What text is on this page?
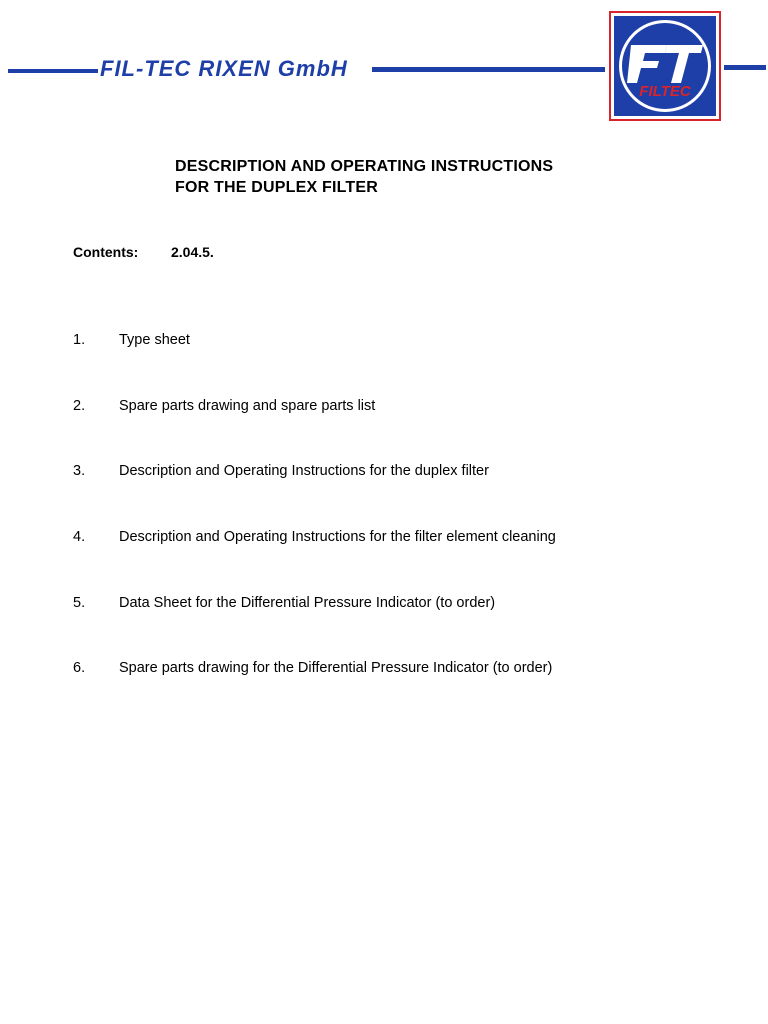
FIL-TEC RIXEN GmbH
FILTEC
DESCRIPTION AND OPERATING INSTRUCTIONS
FOR THE DUPLEX FILTER
Contents: 2.04.5.
1. Type sheet
2. Spare parts drawing and spare parts list
3. Description and Operating Instructions for the duplex filter
4. Description and Operating Instructions for the filter element cleaning
5. Data Sheet for the Differential Pressure Indicator (to order)
6. Spare parts drawing for the Differential Pressure Indicator (to order)
